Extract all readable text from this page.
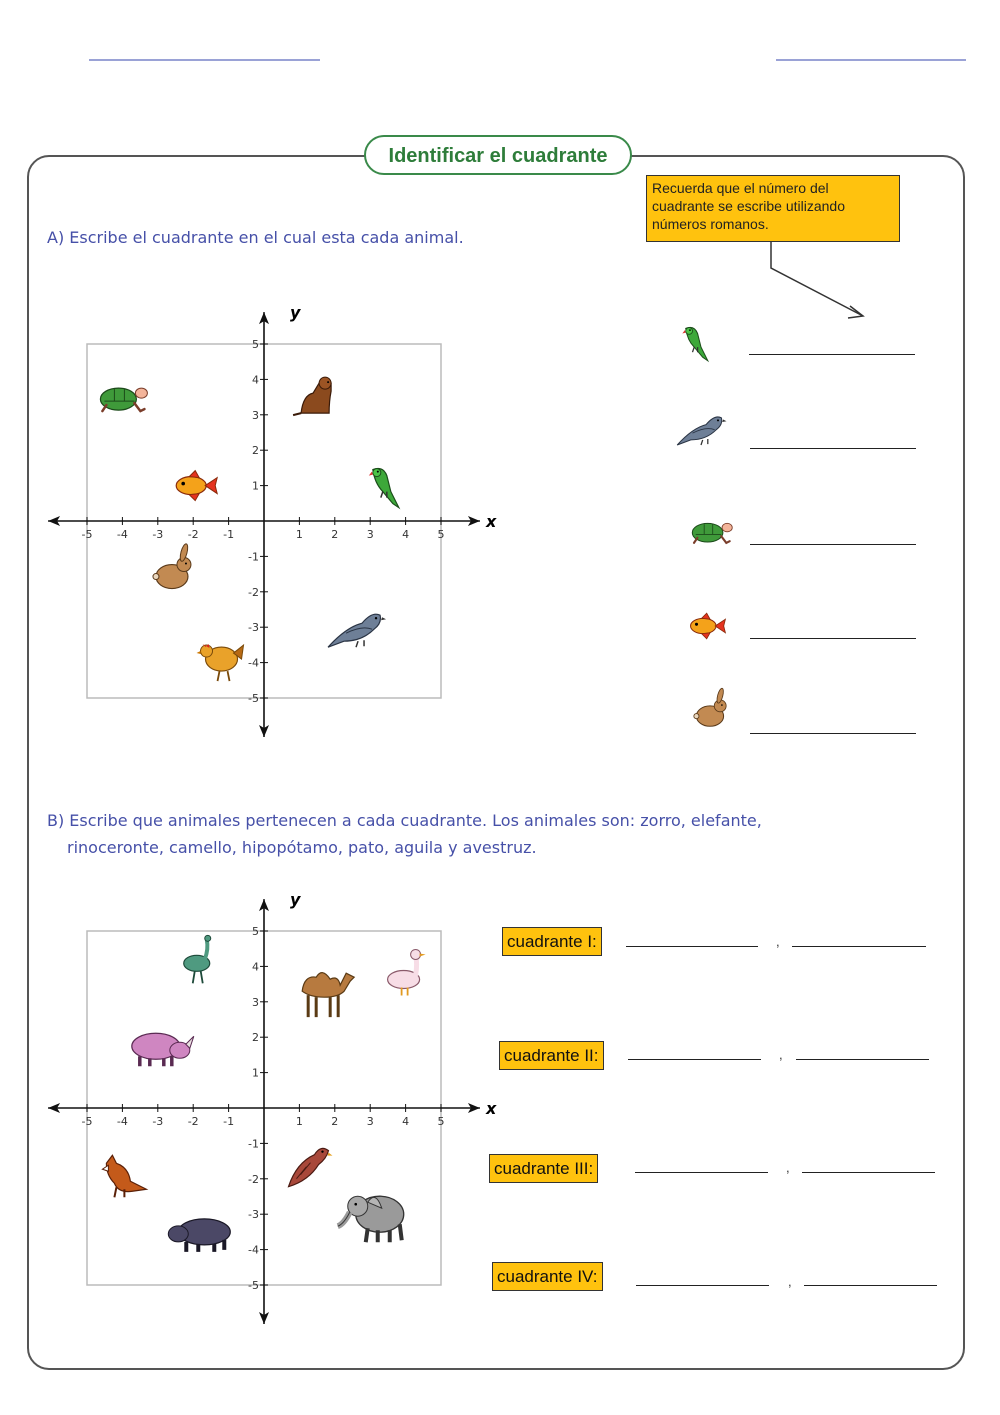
Identificar el cuadrante
Recuerda que el número del cuadrante se escribe utilizando números romanos.
A) Escribe el cuadrante en el cual esta cada animal.
x
y
-5 -4 -3 -2 -1	1	2	3	4	5
5
4
3
2
1
-1
-2
-3
-4
-5
B) Escribe que animales pertenecen a cada cuadrante. Los animales son: zorro, elefante,
rinoceronte, camello, hipopótamo, pato, aguila y avestruz.
x
y
-5 -4 -3 -2 -1	1	2	3	4	5
5
4
3
2
1
-1
-2
-3
-4
-5
cuadrante I:	,
cuadrante II:	,
cuadrante III:	,
cuadrante IV:	,
